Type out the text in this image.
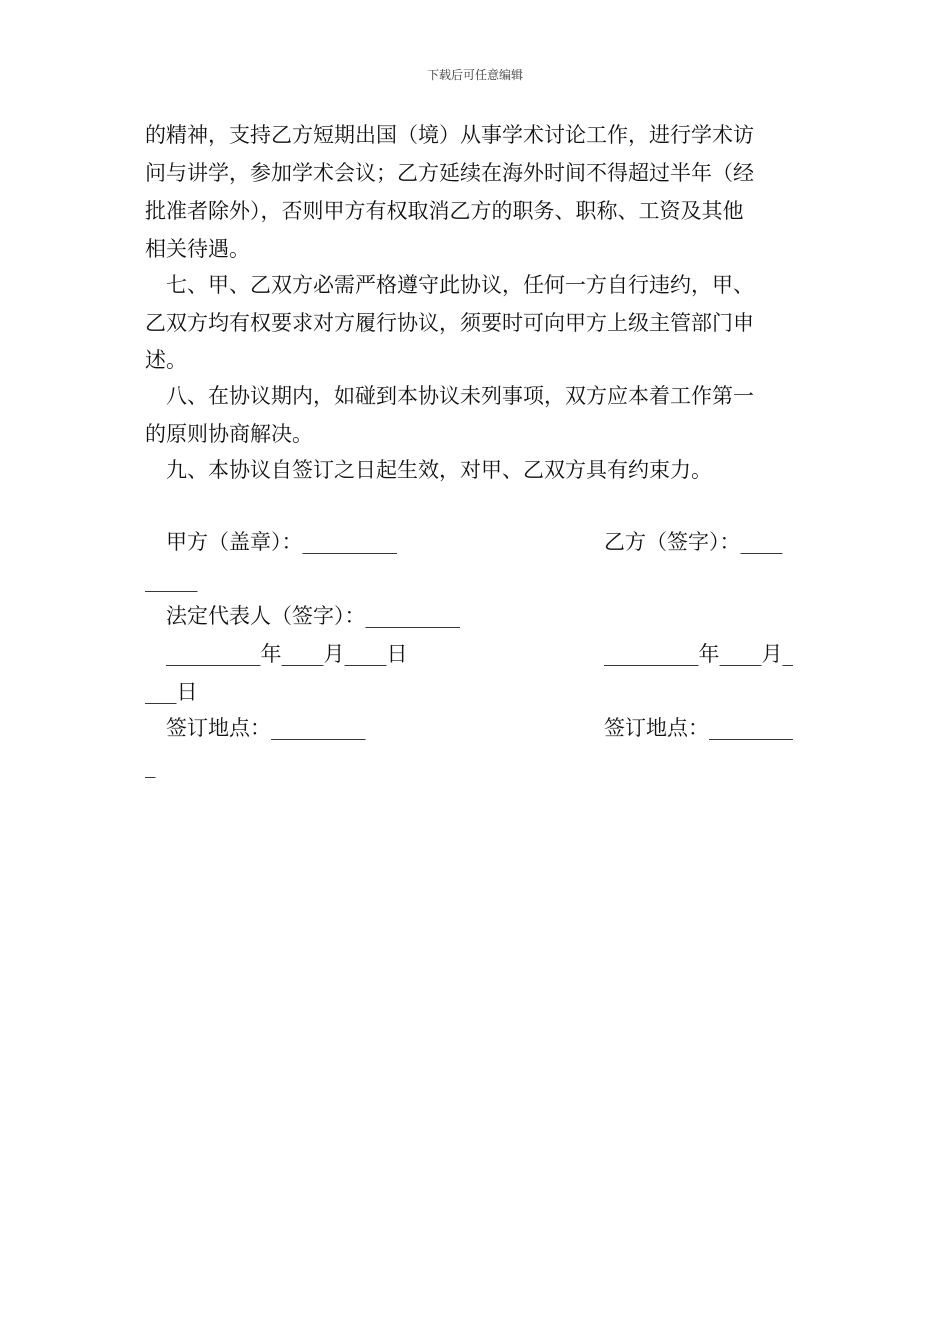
下载后可任意编辑
的精神，支持乙方短期出国（境）从事学术讨论工作，进行学术访
问与讲学，参加学术会议；乙方延续在海外时间不得超过半年（经
批准者除外），否则甲方有权取消乙方的职务、职称、工资及其他
相关待遇。
七、甲、乙双方必需严格遵守此协议，任何一方自行违约，甲、
乙双方均有权要求对方履行协议，须要时可向甲方上级主管部门申
述。
八、在协议期内，如碰到本协议未列事项，双方应本着工作第一
的原则协商解决。
九、本协议自签订之日起生效，对甲、乙双方具有约束力。
甲方（盖章）：_________	乙方（签字）：____
_____
法定代表人（签字）：_________
_________年____月____日	_________年____月_
___日
签订地点：_________	签订地点：________
_
